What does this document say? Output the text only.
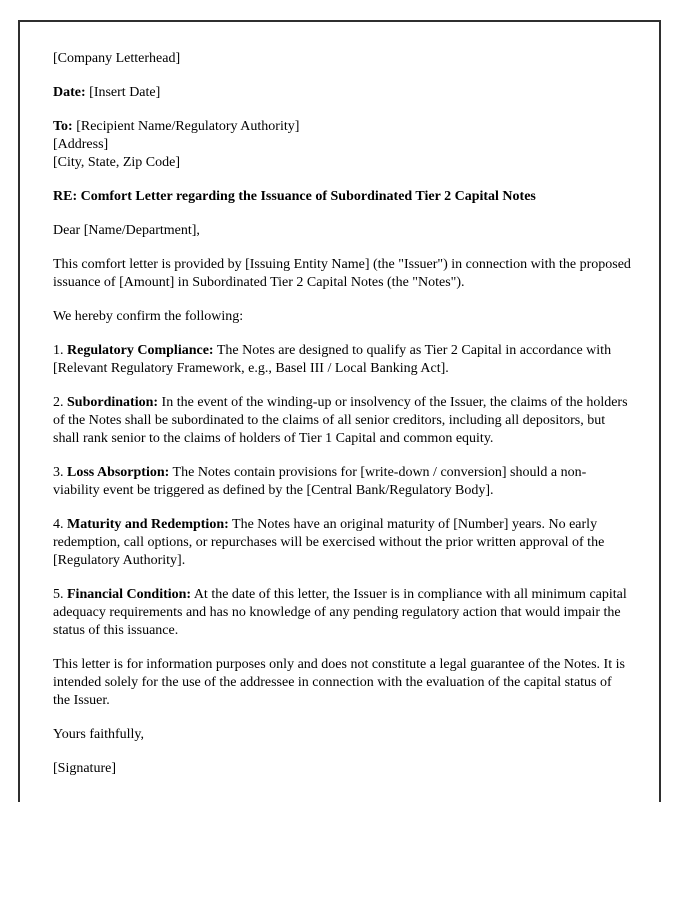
[Company Letterhead]

Date: [Insert Date]

To: [Recipient Name/Regulatory Authority]

[Address]

[City, State, Zip Code]

RE: Comfort Letter regarding the Issuance of Subordinated Tier 2 Capital Notes

Dear [Name/Department],

This comfort letter is provided by [Issuing Entity Name] (the "Issuer") in connection with the proposed issuance of [Amount] in Subordinated Tier 2 Capital Notes (the "Notes").

We hereby confirm the following:

1. Regulatory Compliance: The Notes are designed to qualify as Tier 2 Capital in accordance with [Relevant Regulatory Framework, e.g., Basel III / Local Banking Act].

2. Subordination: In the event of the winding-up or insolvency of the Issuer, the claims of the holders of the Notes shall be subordinated to the claims of all senior creditors, including all depositors, but shall rank senior to the claims of holders of Tier 1 Capital and common equity.

3. Loss Absorption: The Notes contain provisions for [write-down / conversion] should a non-viability event be triggered as defined by the [Central Bank/Regulatory Body].

4. Maturity and Redemption: The Notes have an original maturity of [Number] years. No early redemption, call options, or repurchases will be exercised without the prior written approval of the [Regulatory Authority].

5. Financial Condition: At the date of this letter, the Issuer is in compliance with all minimum capital adequacy requirements and has no knowledge of any pending regulatory action that would impair the status of this issuance.

This letter is for information purposes only and does not constitute a legal guarantee of the Notes. It is intended solely for the use of the addressee in connection with the evaluation of the capital status of the Issuer.

Yours faithfully,

[Signature]
